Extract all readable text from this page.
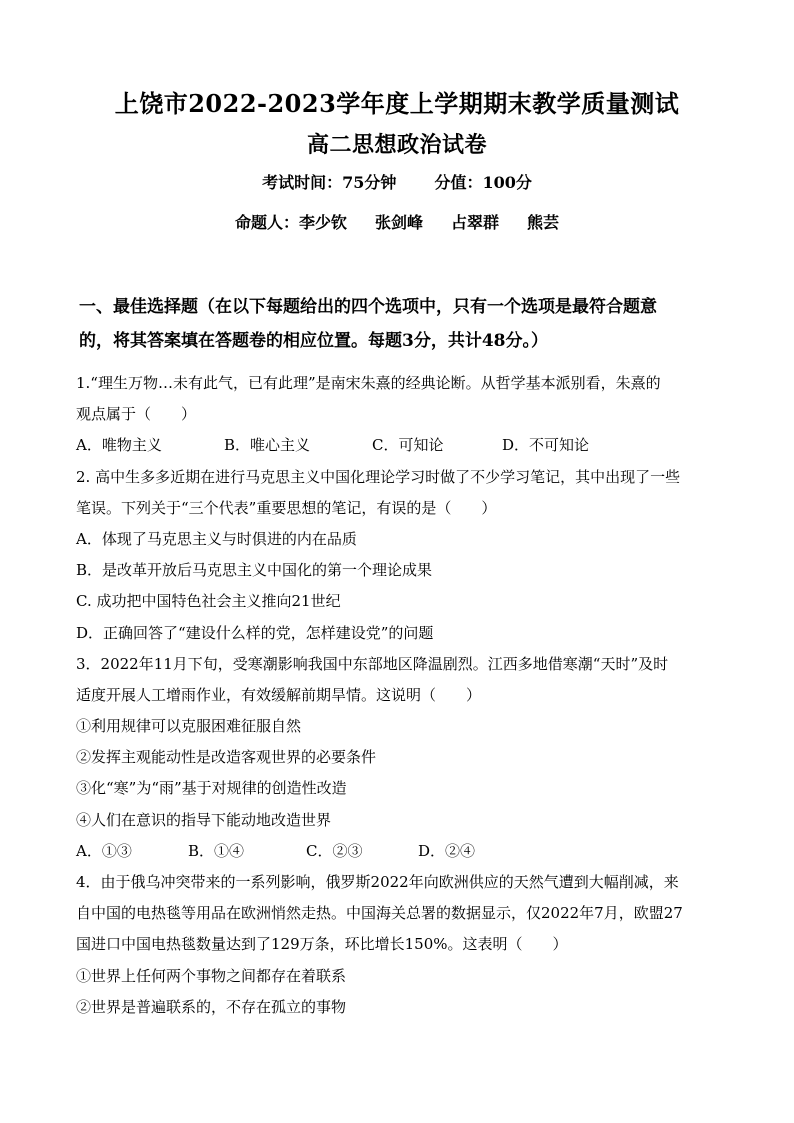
上饶市2022-2023学年度上学期期末教学质量测试
高二思想政治试卷
考试时间：75分钟 分值：100分
命题人：李少钦 张剑峰 占翠群 熊芸
一、最佳选择题（在以下每题给出的四个选项中，只有一个选项是最符合题意
的，将其答案填在答题卷的相应位置。每题3分，共计48分。）
1.“理生万物…未有此气，已有此理”是南宋朱熹的经典论断。从哲学基本派别看，朱熹的
观点属于（　　）
A．唯物主义	B．唯心主义	C．可知论	D．不可知论
2. 高中生多多近期在进行马克思主义中国化理论学习时做了不少学习笔记，其中出现了一些
笔误。下列关于“三个代表”重要思想的笔记，有误的是（　　）
A．体现了马克思主义与时俱进的内在品质
B．是改革开放后马克思主义中国化的第一个理论成果
C. 成功把中国特色社会主义推向21世纪
D．正确回答了“建设什么样的党，怎样建设党”的问题
3．2022年11月下旬，受寒潮影响我国中东部地区降温剧烈。江西多地借寒潮“天时”及时
适度开展人工增雨作业，有效缓解前期旱情。这说明（　　）
①利用规律可以克服困难征服自然
②发挥主观能动性是改造客观世界的必要条件
③化“寒”为“雨”基于对规律的创造性改造
④人们在意识的指导下能动地改造世界
A．①③	B．①④	C．②③	D．②④
4．由于俄乌冲突带来的一系列影响，俄罗斯2022年向欧洲供应的天然气遭到大幅削减，来
自中国的电热毯等用品在欧洲悄然走热。中国海关总署的数据显示，仅2022年7月，欧盟27
国进口中国电热毯数量达到了129万条，环比增长150%。这表明（　　）
①世界上任何两个事物之间都存在着联系
②世界是普遍联系的，不存在孤立的事物
